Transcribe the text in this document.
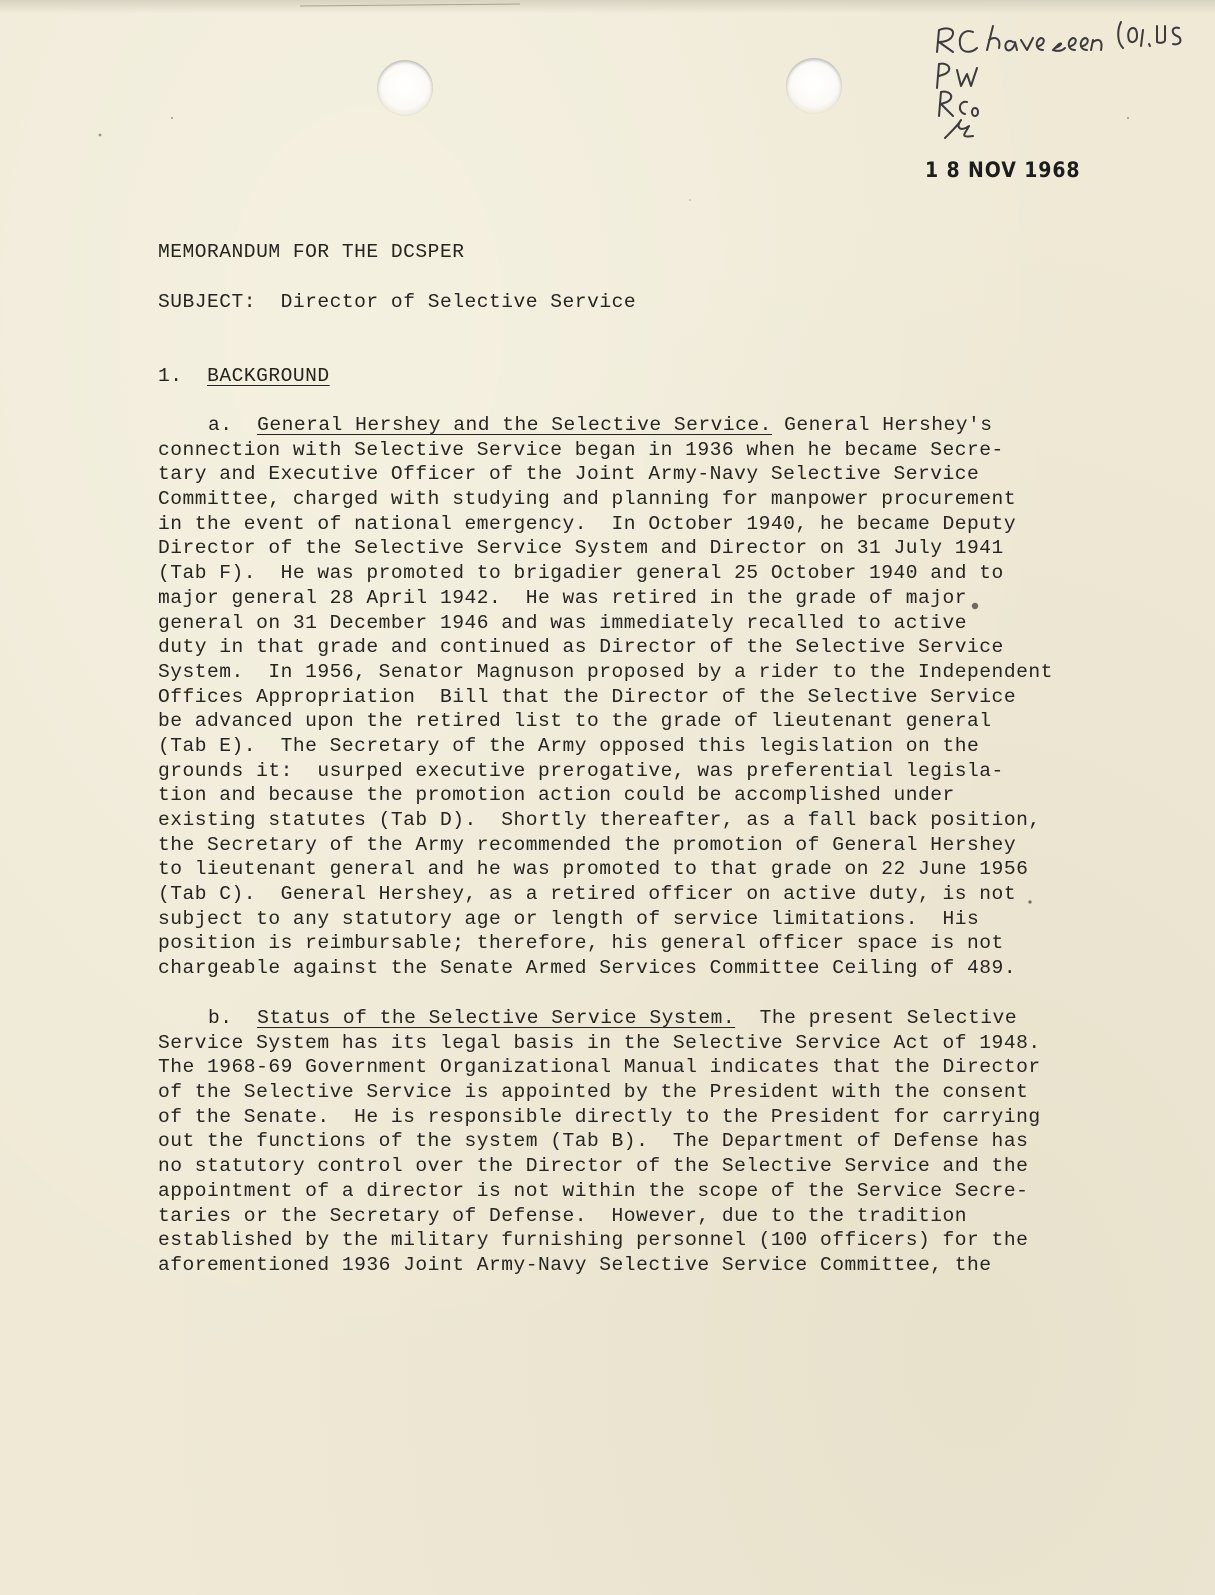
1 8 NOV 1968
MEMORANDUM FOR THE DCSPER
SUBJECT: Director of Selective Service
1. BACKGROUND
a. General Hershey and the Selective Service. General Hershey's
connection with Selective Service began in 1936 when he became Secre-
tary and Executive Officer of the Joint Army-Navy Selective Service
Committee, charged with studying and planning for manpower procurement
in the event of national emergency.  In October 1940, he became Deputy
Director of the Selective Service System and Director on 31 July 1941
(Tab F).  He was promoted to brigadier general 25 October 1940 and to
major general 28 April 1942.  He was retired in the grade of major
general on 31 December 1946 and was immediately recalled to active
duty in that grade and continued as Director of the Selective Service
System.  In 1956, Senator Magnuson proposed by a rider to the Independent
Offices Appropriation  Bill that the Director of the Selective Service
be advanced upon the retired list to the grade of lieutenant general
(Tab E).  The Secretary of the Army opposed this legislation on the
grounds it:  usurped executive prerogative, was preferential legisla-
tion and because the promotion action could be accomplished under
existing statutes (Tab D).  Shortly thereafter, as a fall back position,
the Secretary of the Army recommended the promotion of General Hershey
to lieutenant general and he was promoted to that grade on 22 June 1956
(Tab C).  General Hershey, as a retired officer on active duty, is not
subject to any statutory age or length of service limitations.  His
position is reimbursable; therefore, his general officer space is not
chargeable against the Senate Armed Services Committee Ceiling of 489.
b. Status of the Selective Service System.  The present Selective
Service System has its legal basis in the Selective Service Act of 1948.
The 1968-69 Government Organizational Manual indicates that the Director
of the Selective Service is appointed by the President with the consent
of the Senate.  He is responsible directly to the President for carrying
out the functions of the system (Tab B).  The Department of Defense has
no statutory control over the Director of the Selective Service and the
appointment of a director is not within the scope of the Service Secre-
taries or the Secretary of Defense.  However, due to the tradition
established by the military furnishing personnel (100 officers) for the
aforementioned 1936 Joint Army-Navy Selective Service Committee, the
